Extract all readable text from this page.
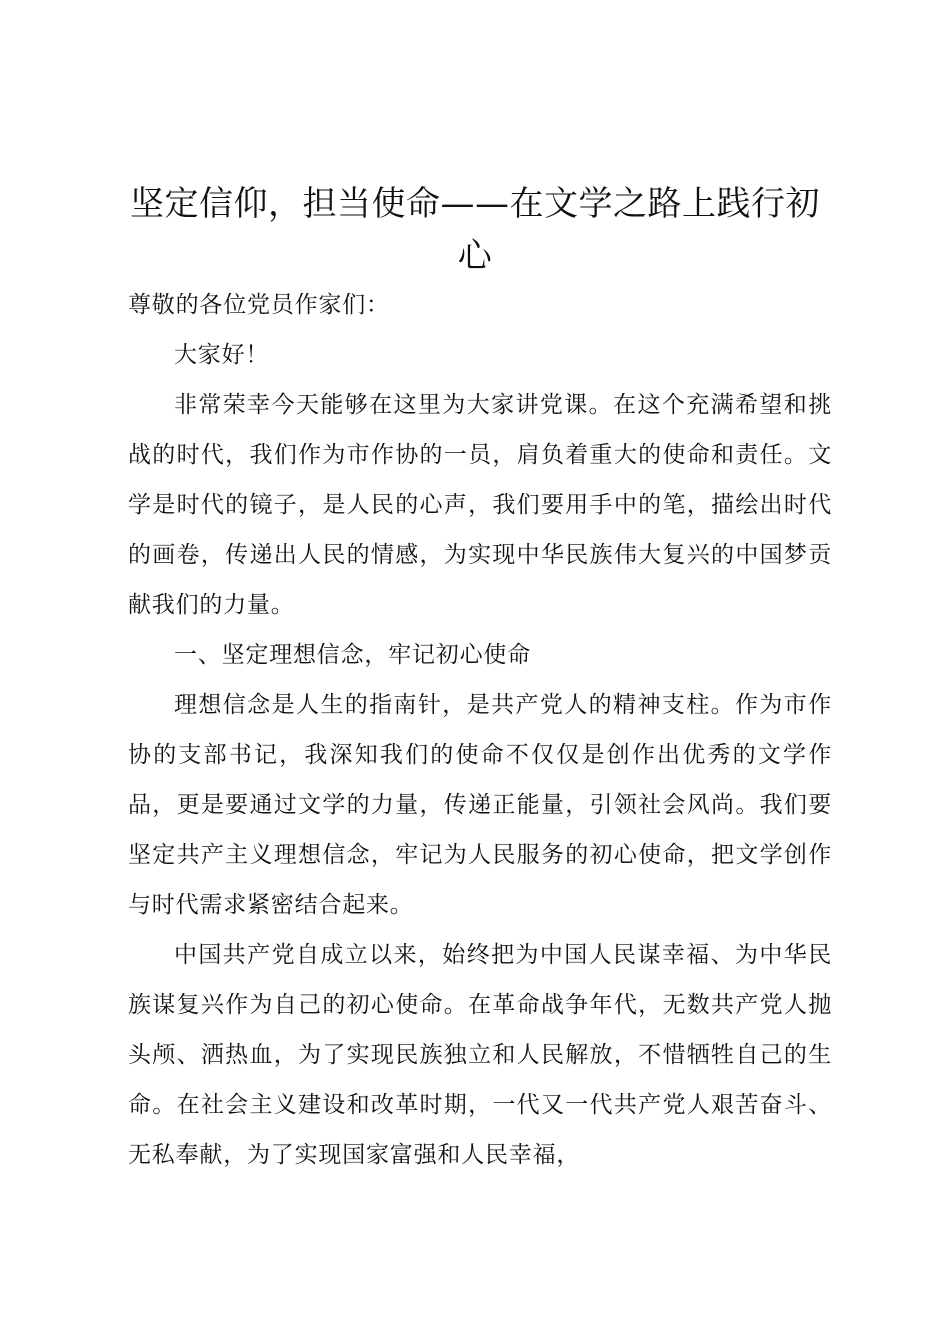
坚定信仰，担当使命——在文学之路上践行初心

尊敬的各位党员作家们：

大家好！

非常荣幸今天能够在这里为大家讲党课。在这个充满希望和挑战的时代，我们作为市作协的一员，肩负着重大的使命和责任。文学是时代的镜子，是人民的心声，我们要用手中的笔，描绘出时代的画卷，传递出人民的情感，为实现中华民族伟大复兴的中国梦贡献我们的力量。

一、坚定理想信念，牢记初心使命

理想信念是人生的指南针，是共产党人的精神支柱。作为市作协的支部书记，我深知我们的使命不仅仅是创作出优秀的文学作品，更是要通过文学的力量，传递正能量，引领社会风尚。我们要坚定共产主义理想信念，牢记为人民服务的初心使命，把文学创作与时代需求紧密结合起来。

中国共产党自成立以来，始终把为中国人民谋幸福、为中华民族谋复兴作为自己的初心使命。在革命战争年代，无数共产党人抛头颅、洒热血，为了实现民族独立和人民解放，不惜牺牲自己的生命。在社会主义建设和改革时期，一代又一代共产党人艰苦奋斗、无私奉献，为了实现国家富强和人民幸福，
